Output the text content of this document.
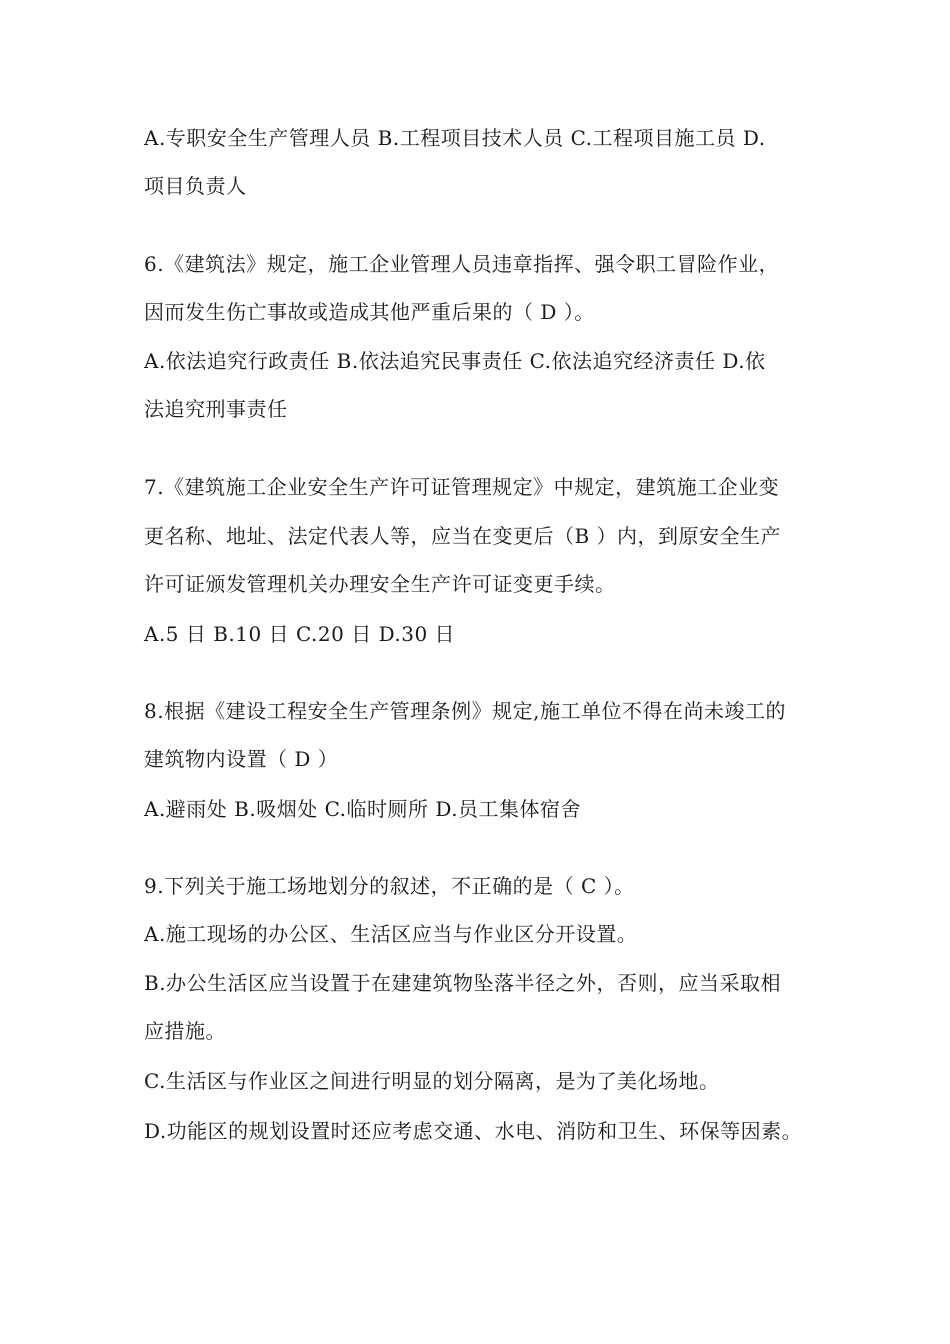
A.专职安全生产管理人员 B.工程项目技术人员 C.工程项目施工员 D.
项目负责人
6.《建筑法》规定，施工企业管理人员违章指挥、强令职工冒险作业，
因而发生伤亡事故或造成其他严重后果的（ D ）。
A.依法追究行政责任 B.依法追究民事责任 C.依法追究经济责任 D.依
法追究刑事责任
7.《建筑施工企业安全生产许可证管理规定》中规定，建筑施工企业变
更名称、地址、法定代表人等，应当在变更后（B ）内，到原安全生产
许可证颁发管理机关办理安全生产许可证变更手续。
A.5 日 B.10 日 C.20 日 D.30 日
8.根据《建设工程安全生产管理条例》规定,施工单位不得在尚未竣工的
建筑物内设置（ D ）
A.避雨处 B.吸烟处 C.临时厕所 D.员工集体宿舍
9.下列关于施工场地划分的叙述，不正确的是（ C ）。
A.施工现场的办公区、生活区应当与作业区分开设置。
B.办公生活区应当设置于在建建筑物坠落半径之外，否则，应当采取相
应措施。
C.生活区与作业区之间进行明显的划分隔离，是为了美化场地。
D.功能区的规划设置时还应考虑交通、水电、消防和卫生、环保等因素。
